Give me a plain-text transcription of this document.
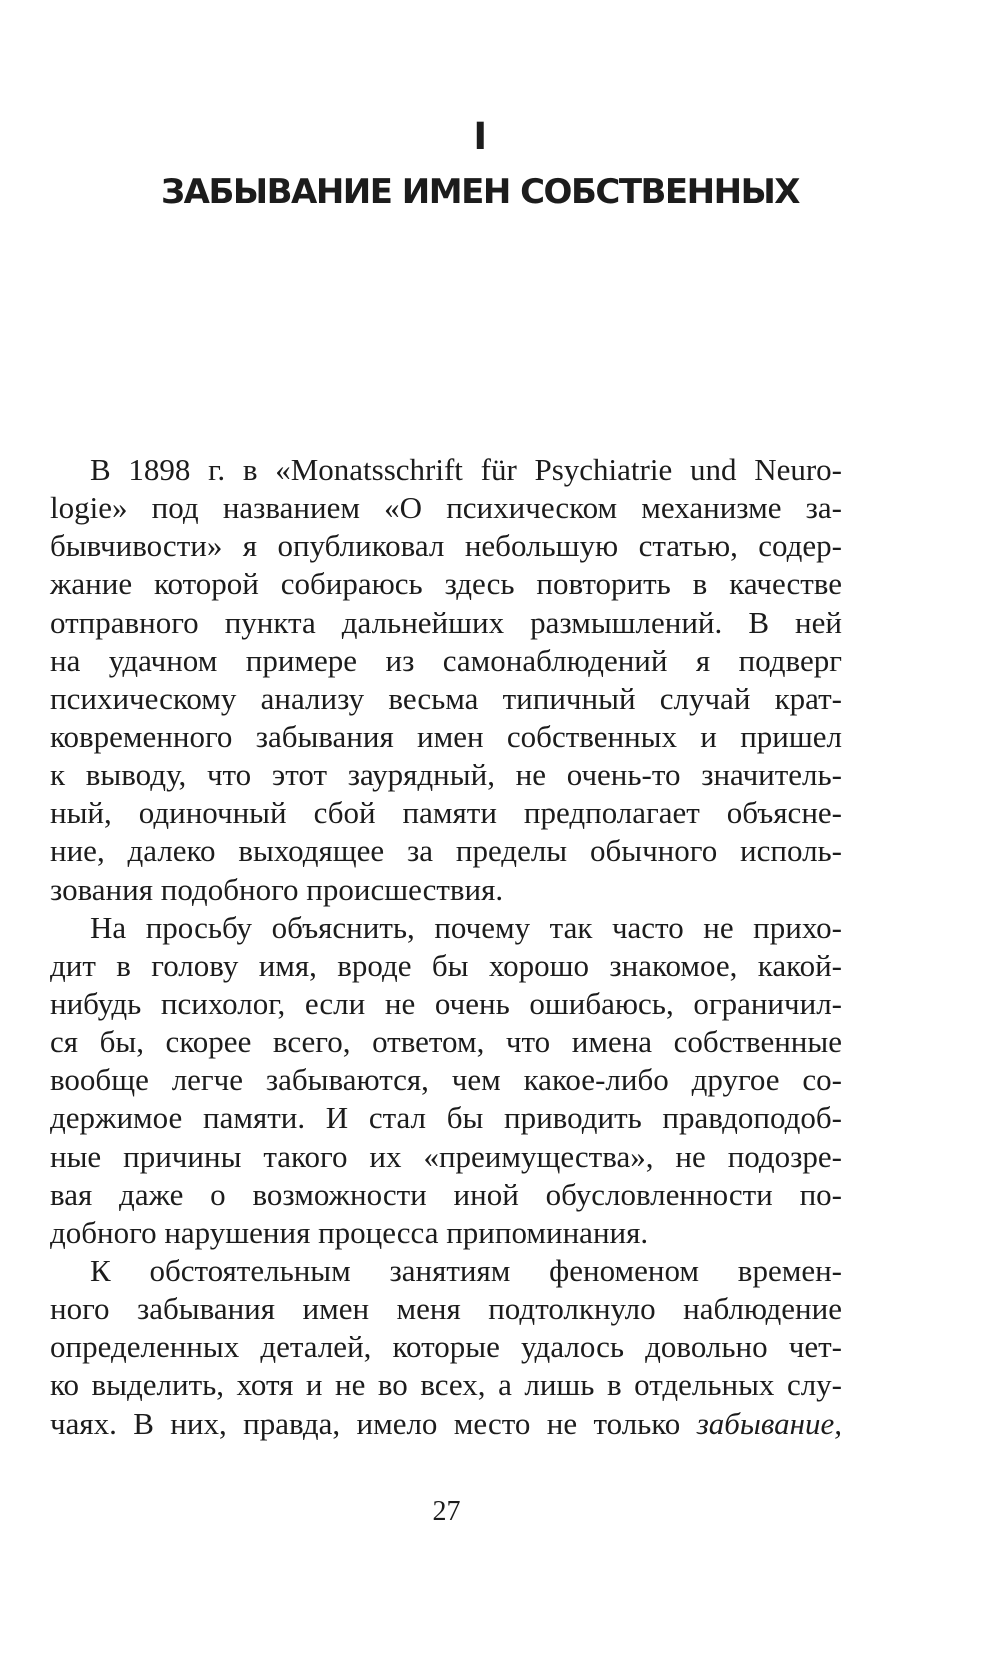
I
ЗАБЫВАНИЕ ИМЕН СОБСТВЕННЫХ
В 1898 г. в «Monatsschrift für Psychiatrie und Neuro-
logie» под названием «О психическом механизме за-
бывчивости» я опубликовал небольшую статью, содер-
жание которой собираюсь здесь повторить в качестве
отправного пункта дальнейших размышлений. В ней
на удачном примере из самонаблюдений я подверг
психическому анализу весьма типичный случай крат-
ковременного забывания имен собственных и пришел
к выводу, что этот заурядный, не очень-то значитель-
ный, одиночный сбой памяти предполагает объясне-
ние, далеко выходящее за пределы обычного исполь-
зования подобного происшествия.
На просьбу объяснить, почему так часто не прихо-
дит в голову имя, вроде бы хорошо знакомое, какой-
нибудь психолог, если не очень ошибаюсь, ограничил-
ся бы, скорее всего, ответом, что имена собственные
вообще легче забываются, чем какое-либо другое со-
держимое памяти. И стал бы приводить правдоподоб-
ные причины такого их «преимущества», не подозре-
вая даже о возможности иной обусловленности по-
добного нарушения процесса припоминания.
К обстоятельным занятиям феноменом времен-
ного забывания имен меня подтолкнуло наблюдение
определенных деталей, которые удалось довольно чет-
ко выделить, хотя и не во всех, а лишь в отдельных слу-
чаях. В них, правда, имело место не только забывание,
27
